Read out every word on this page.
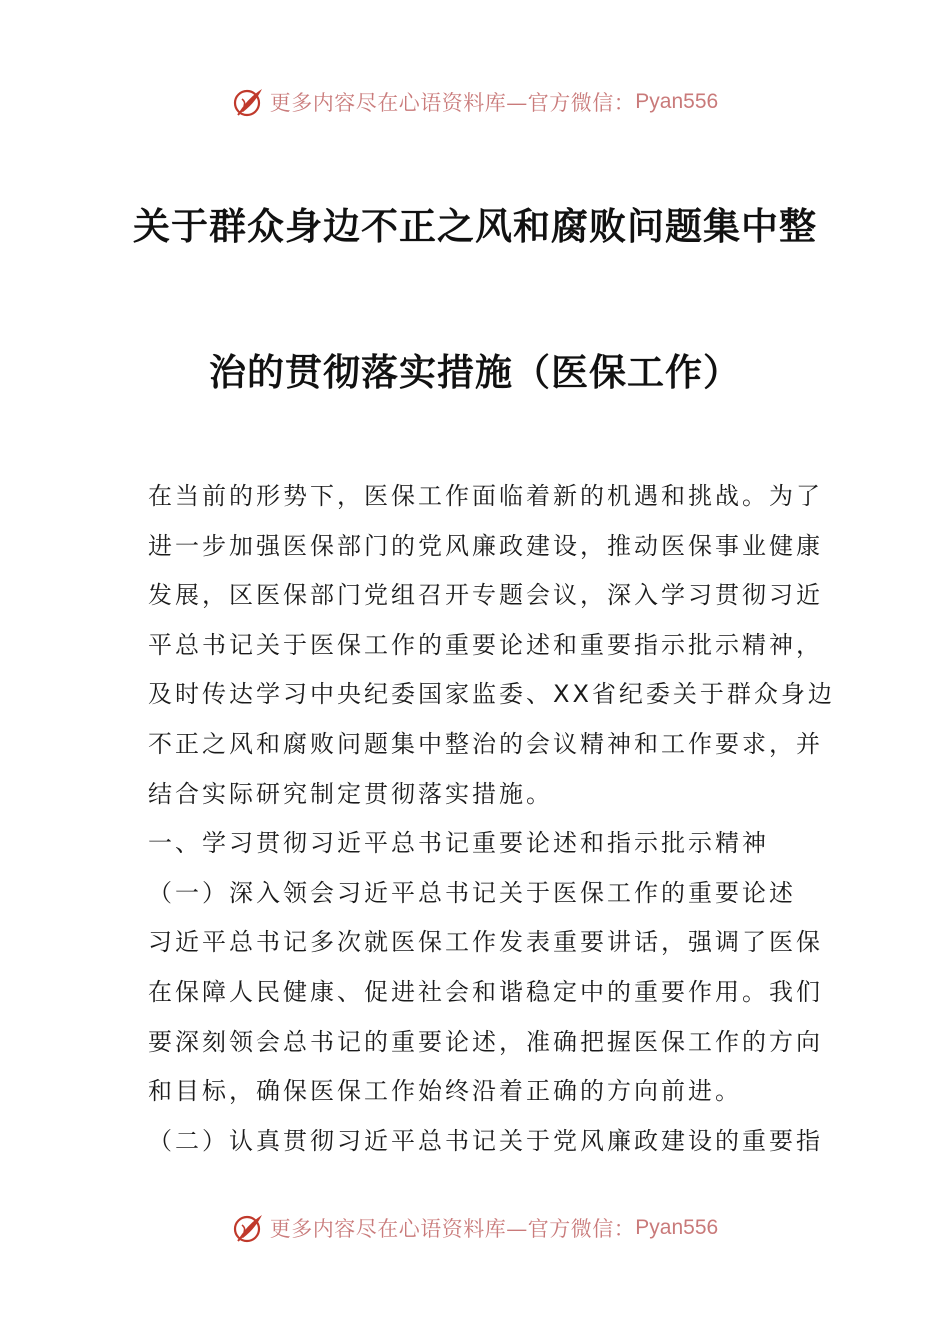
更多内容尽在心语资料库—官方微信： Pyan556
关于群众身边不正之风和腐败问题集中整
治的贯彻落实措施（医保工作）
在当前的形势下，医保工作面临着新的机遇和挑战。为了
进一步加强医保部门的党风廉政建设，推动医保事业健康
发展，区医保部门党组召开专题会议，深入学习贯彻习近
平总书记关于医保工作的重要论述和重要指示批示精神，
及时传达学习中央纪委国家监委、XX省纪委关于群众身边
不正之风和腐败问题集中整治的会议精神和工作要求，并
结合实际研究制定贯彻落实措施。
一、学习贯彻习近平总书记重要论述和指示批示精神
（一）深入领会习近平总书记关于医保工作的重要论述
习近平总书记多次就医保工作发表重要讲话，强调了医保
在保障人民健康、促进社会和谐稳定中的重要作用。我们
要深刻领会总书记的重要论述，准确把握医保工作的方向
和目标，确保医保工作始终沿着正确的方向前进。
（二）认真贯彻习近平总书记关于党风廉政建设的重要指
更多内容尽在心语资料库—官方微信： Pyan556
